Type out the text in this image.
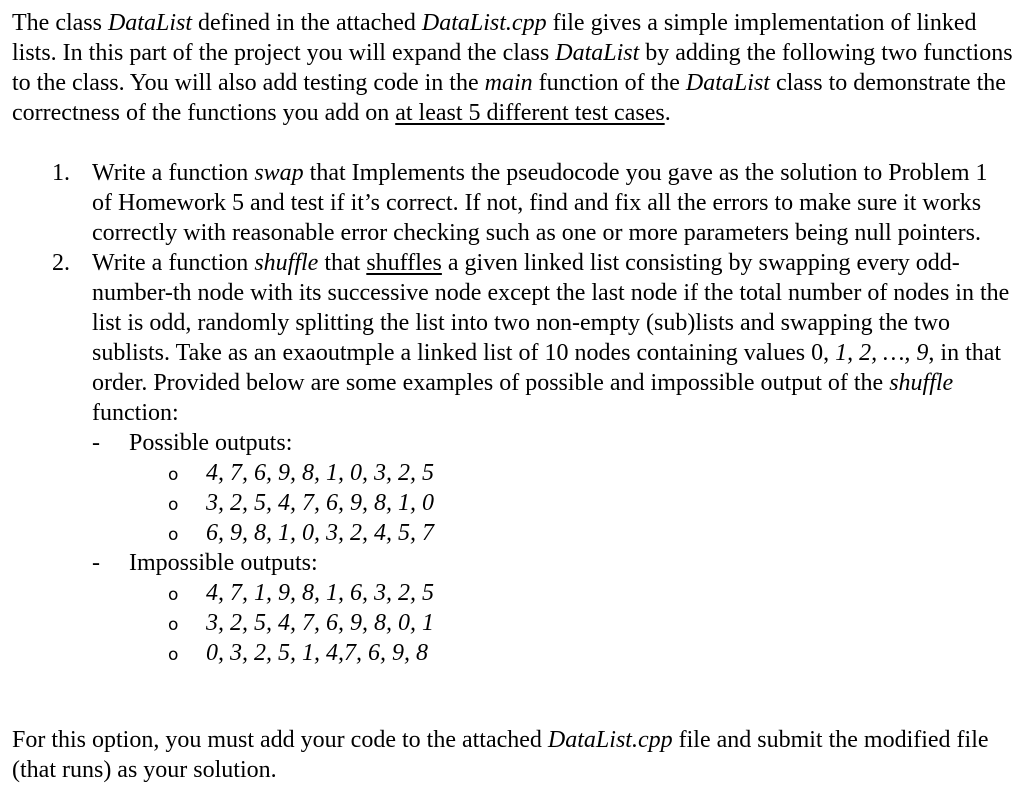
The class DataList defined in the attached DataList.cpp file gives a simple implementation of linked lists. In this part of the project you will expand the class DataList by adding the following two functions to the class. You will also add testing code in the main function of the DataList class to demonstrate the correctness of the functions you add on at least 5 different test cases.

1. Write a function swap that Implements the pseudocode you gave as the solution to Problem 1 of Homework 5 and test if it’s correct. If not, find and fix all the errors to make sure it works correctly with reasonable error checking such as one or more parameters being null pointers.
2. Write a function shuffle that shuffles a given linked list consisting by swapping every odd-number-th node with its successive node except the last node if the total number of nodes in the list is odd, randomly splitting the list into two non-empty (sub)lists and swapping the two sublists. Take as an exaoutmple a linked list of 10 nodes containing values 0, 1, 2, …, 9, in that order. Provided below are some examples of possible and impossible output of the shuffle function:
- Possible outputs:
o 4, 7, 6, 9, 8, 1, 0, 3, 2, 5
o 3, 2, 5, 4, 7, 6, 9, 8, 1, 0
o 6, 9, 8, 1, 0, 3, 2, 4, 5, 7
- Impossible outputs:
o 4, 7, 1, 9, 8, 1, 6, 3, 2, 5
o 3, 2, 5, 4, 7, 6, 9, 8, 0, 1
o 0, 3, 2, 5, 1, 4,7, 6, 9, 8

For this option, you must add your code to the attached DataList.cpp file and submit the modified file (that runs) as your solution.
